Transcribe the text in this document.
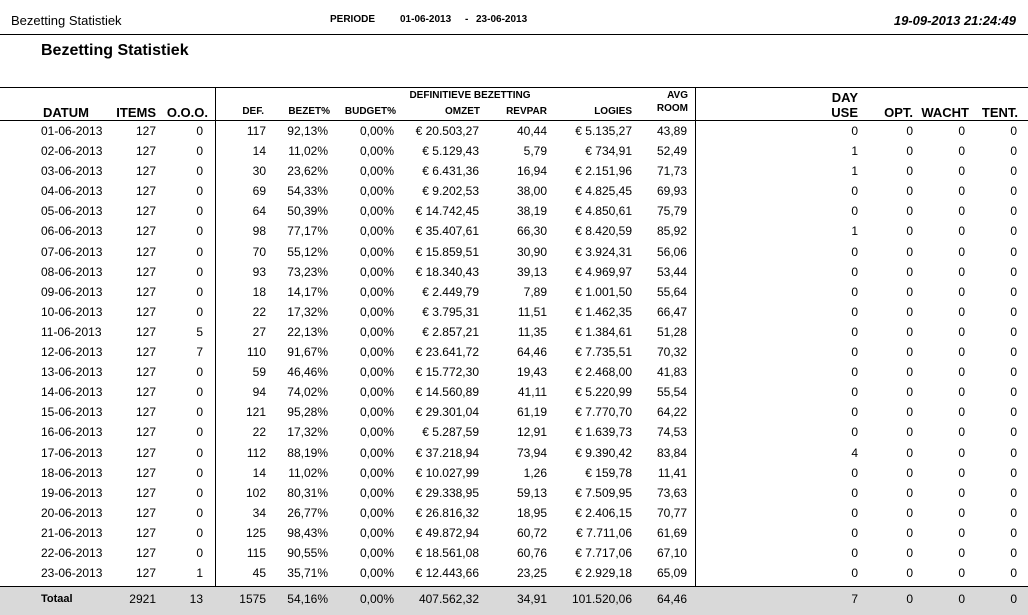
Bezetting Statistiek	PERIODE 01-06-2013 - 23-06-2013	19-09-2013 21:24:49
Bezetting Statistiek
DEFINITIEVE BEZETTING
DATUM	ITEMS O.O.O.	DEF.	BEZET%	BUDGET%	OMZET	REVPAR	LOGIES
AVG
ROOM
DAY
USE	OPT. WACHT TENT.
01-06-2013	127	0	117	92,13%	0,00%	€ 20.503,27	40,44	€ 5.135,27	43,89	0	0	0	0
02-06-2013	127	0	14	11,02%	0,00%	€ 5.129,43	5,79	€ 734,91	52,49	1	0	0	0
03-06-2013	127	0	30	23,62%	0,00%	€ 6.431,36	16,94	€ 2.151,96	71,73	1	0	0	0
04-06-2013	127	0	69	54,33%	0,00%	€ 9.202,53	38,00	€ 4.825,45	69,93	0	0	0	0
05-06-2013	127	0	64	50,39%	0,00%	€ 14.742,45	38,19	€ 4.850,61	75,79	0	0	0	0
06-06-2013	127	0	98	77,17%	0,00%	€ 35.407,61	66,30	€ 8.420,59	85,92	1	0	0	0
07-06-2013	127	0	70	55,12%	0,00%	€ 15.859,51	30,90	€ 3.924,31	56,06	0	0	0	0
08-06-2013	127	0	93	73,23%	0,00%	€ 18.340,43	39,13	€ 4.969,97	53,44	0	0	0	0
09-06-2013	127	0	18	14,17%	0,00%	€ 2.449,79	7,89	€ 1.001,50	55,64	0	0	0	0
10-06-2013	127	0	22	17,32%	0,00%	€ 3.795,31	11,51	€ 1.462,35	66,47	0	0	0	0
11-06-2013	127	5	27	22,13%	0,00%	€ 2.857,21	11,35	€ 1.384,61	51,28	0	0	0	0
12-06-2013	127	7	110	91,67%	0,00%	€ 23.641,72	64,46	€ 7.735,51	70,32	0	0	0	0
13-06-2013	127	0	59	46,46%	0,00%	€ 15.772,30	19,43	€ 2.468,00	41,83	0	0	0	0
14-06-2013	127	0	94	74,02%	0,00%	€ 14.560,89	41,11	€ 5.220,99	55,54	0	0	0	0
15-06-2013	127	0	121	95,28%	0,00%	€ 29.301,04	61,19	€ 7.770,70	64,22	0	0	0	0
16-06-2013	127	0	22	17,32%	0,00%	€ 5.287,59	12,91	€ 1.639,73	74,53	0	0	0	0
17-06-2013	127	0	112	88,19%	0,00%	€ 37.218,94	73,94	€ 9.390,42	83,84	4	0	0	0
18-06-2013	127	0	14	11,02%	0,00%	€ 10.027,99	1,26	€ 159,78	11,41	0	0	0	0
19-06-2013	127	0	102	80,31%	0,00%	€ 29.338,95	59,13	€ 7.509,95	73,63	0	0	0	0
20-06-2013	127	0	34	26,77%	0,00%	€ 26.816,32	18,95	€ 2.406,15	70,77	0	0	0	0
21-06-2013	127	0	125	98,43%	0,00%	€ 49.872,94	60,72	€ 7.711,06	61,69	0	0	0	0
22-06-2013	127	0	115	90,55%	0,00%	€ 18.561,08	60,76	€ 7.717,06	67,10	0	0	0	0
23-06-2013	127	1	45	35,71%	0,00%	€ 12.443,66	23,25	€ 2.929,18	65,09	0	0	0	0
Totaal	2921	13	1575	54,16%	0,00%	407.562,32	34,91	101.520,06	64,46	7	0	0	0
